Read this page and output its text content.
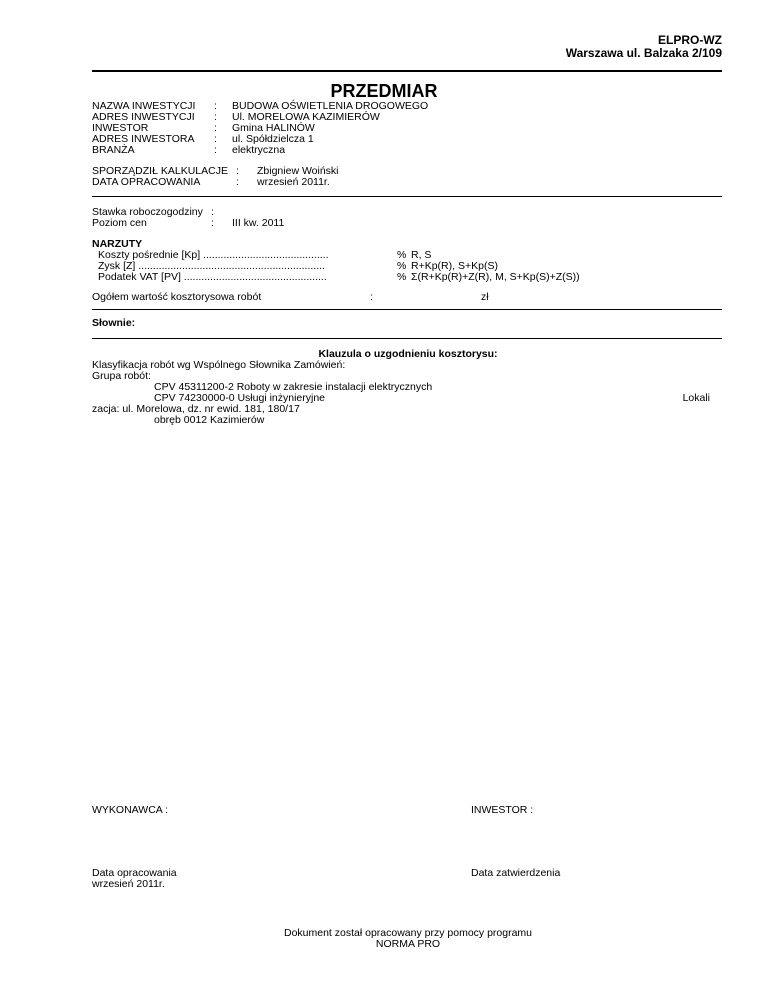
ELPRO-WZ
Warszawa ul. Balzaka 2/109
PRZEDMIAR
NAZWA INWESTYCJI : BUDOWA OŚWIETLENIA DROGOWEGO
ADRES INWESTYCJI : Ul. MORELOWA KAZIMIERÓW
INWESTOR	: Gmina HALINÓW
ADRES INWESTORA : ul. Spółdzielcza 1
BRANŻA	: elektryczna
SPORZĄDZIŁ KALKULACJE : Zbigniew Woiński
DATA OPRACOWANIA	: wrzesień 2011r.
Stawka roboczogodziny :
Poziom cen	: III kw. 2011
NARZUTY
Koszty pośrednie [Kp] ...........................................	% R, S
Zysk [Z] ................................................................	% R+Kp(R), S+Kp(S)
Podatek VAT [PV] .................................................	% Σ(R+Kp(R)+Z(R), M, S+Kp(S)+Z(S))
Ogółem wartość kosztorysowa robót	:	zł
Słownie:
Klauzula o uzgodnieniu kosztorysu:
Klasyfikacja robót wg Wspólnego Słownika Zamówień:
Grupa robót:
CPV 45311200-2 Roboty w zakresie instalacji elektrycznych
CPV 74230000-0 Usługi inżynieryjne	Lokali
zacja: ul. Morelowa, dz. nr ewid. 181, 180/17
obręb 0012 Kazimierów
WYKONAWCA :	INWESTOR :
Data opracowania
wrzesień 2011r.
Data zatwierdzenia
Dokument został opracowany przy pomocy programu
NORMA PRO
